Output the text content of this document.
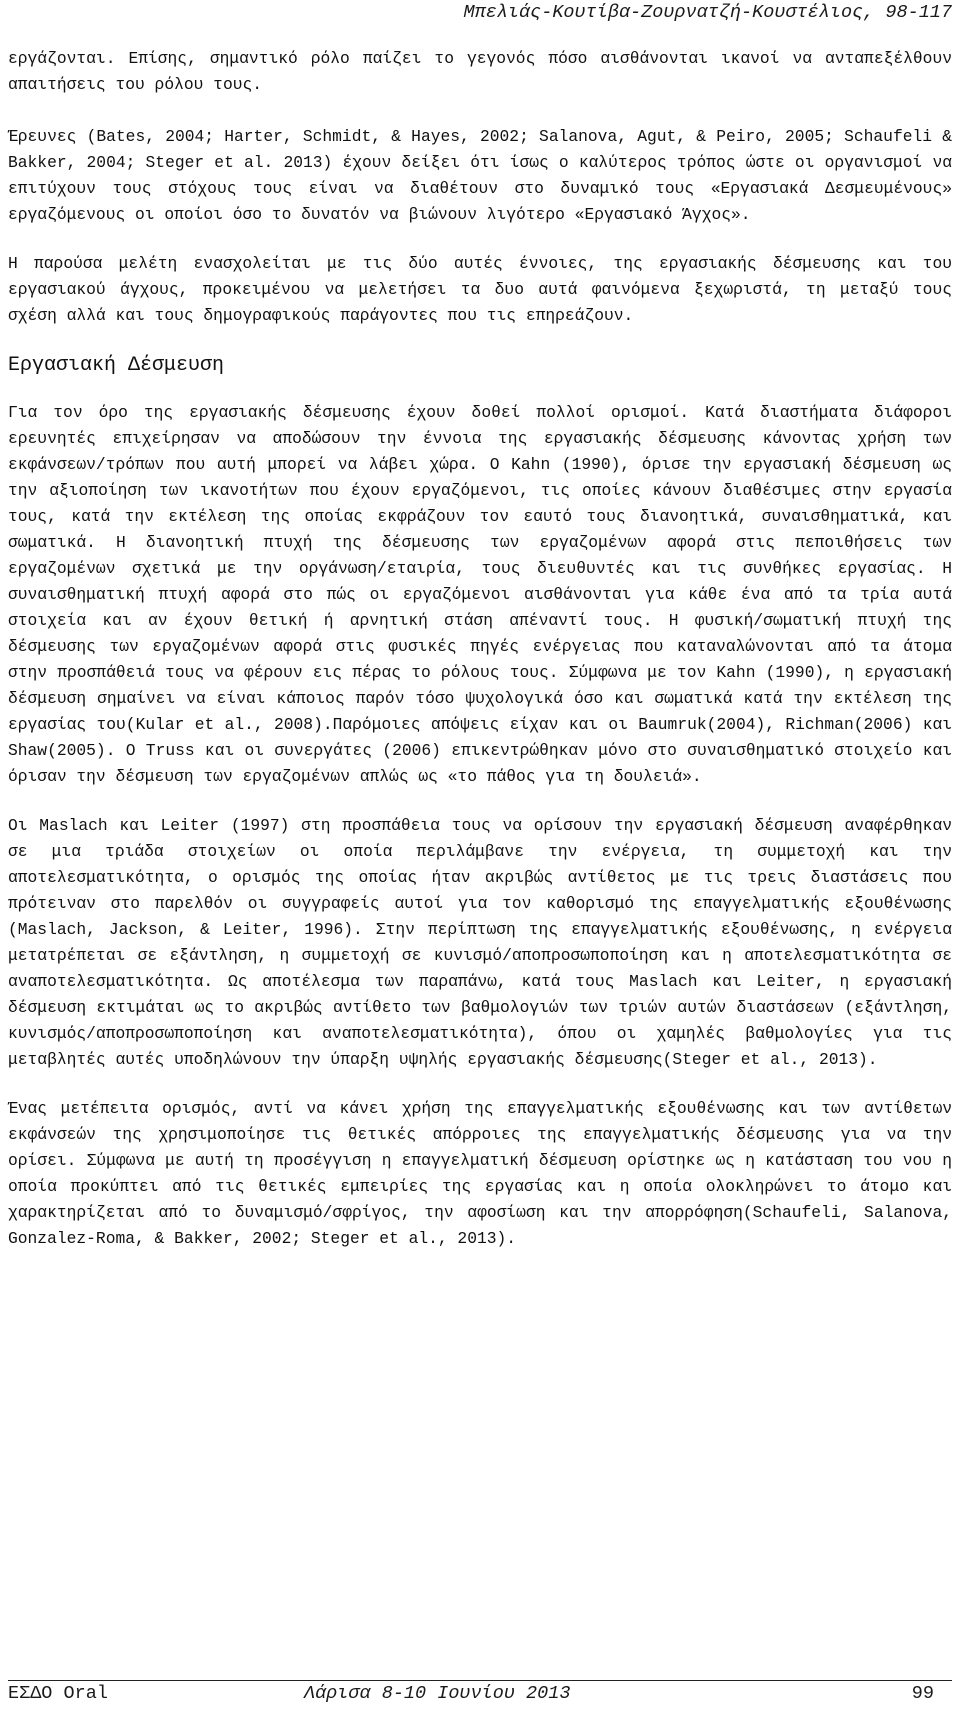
Μπελιάς-Κουτίβα-Ζουρνατζή-Κουστέλιος, 98-117

εργάζονται. Επίσης, σημαντικό ρόλο παίζει το γεγονός πόσο αισθάνονται ικανοί να ανταπεξέλθουν απαιτήσεις του ρόλου τους.

Έρευνες (Bates, 2004; Harter, Schmidt, & Hayes, 2002; Salanova, Agut, & Peiro, 2005; Schaufeli & Bakker, 2004; Steger et al. 2013) έχουν δείξει ότι ίσως ο καλύτερος τρόπος ώστε οι οργανισμοί να επιτύχουν τους στόχους τους είναι να διαθέτουν στο δυναμικό τους «Εργασιακά Δεσμευμένους» εργαζόμενους οι οποίοι όσο το δυνατόν να βιώνουν λιγότερο «Εργασιακό Άγχος».

Η παρούσα μελέτη ενασχολείται με τις δύο αυτές έννοιες, της εργασιακής δέσμευσης και του εργασιακού άγχους, προκειμένου να μελετήσει τα δυο αυτά φαινόμενα ξεχωριστά, τη μεταξύ τους σχέση αλλά και τους δημογραφικούς παράγοντες που τις επηρεάζουν.

Εργασιακή Δέσμευση

Για τον όρο της εργασιακής δέσμευσης έχουν δοθεί πολλοί ορισμοί. Κατά διαστήματα διάφοροι ερευνητές επιχείρησαν να αποδώσουν την έννοια της εργασιακής δέσμευσης κάνοντας χρήση των εκφάνσεων/τρόπων που αυτή μπορεί να λάβει χώρα. Ο Kahn (1990), όρισε την εργασιακή δέσμευση ως την αξιοποίηση των ικανοτήτων που έχουν εργαζόμενοι, τις οποίες κάνουν διαθέσιμες στην εργασία τους, κατά την εκτέλεση της οποίας εκφράζουν τον εαυτό τους διανοητικά, συναισθηματικά, και σωματικά. Η διανοητική πτυχή της δέσμευσης των εργαζομένων αφορά στις πεποιθήσεις των εργαζομένων σχετικά με την οργάνωση/εταιρία, τους διευθυντές και τις συνθήκες εργασίας. Η συναισθηματική πτυχή αφορά στο πώς οι εργαζόμενοι αισθάνονται για κάθε ένα από τα τρία αυτά στοιχεία και αν έχουν θετική ή αρνητική στάση απέναντί τους. Η φυσική/σωματική πτυχή της δέσμευσης των εργαζομένων αφορά στις φυσικές πηγές ενέργειας που καταναλώνονται από τα άτομα στην προσπάθειά τους να φέρουν εις πέρας το ρόλους τους. Σύμφωνα με τον Kahn (1990), η εργασιακή δέσμευση σημαίνει να είναι κάποιος παρόν τόσο ψυχολογικά όσο και σωματικά κατά την εκτέλεση της εργασίας του(Kular et al., 2008).Παρόμοιες απόψεις είχαν και οι Baumruk(2004), Richman(2006) και Shaw(2005). Ο Truss και οι συνεργάτες (2006) επικεντρώθηκαν μόνο στο συναισθηματικό στοιχείο και όρισαν την δέσμευση των εργαζομένων απλώς ως «το πάθος για τη δουλειά».

Οι Maslach και Leiter (1997) στη προσπάθεια τους να ορίσουν την εργασιακή δέσμευση αναφέρθηκαν σε μια τριάδα στοιχείων οι οποία περιλάμβανε την ενέργεια, τη συμμετοχή και την αποτελεσματικότητα, ο ορισμός της οποίας ήταν ακριβώς αντίθετος με τις τρεις διαστάσεις που πρότειναν στο παρελθόν οι συγγραφείς αυτοί για τον καθορισμό της επαγγελματικής εξουθένωσης (Maslach, Jackson, & Leiter, 1996). Στην περίπτωση της επαγγελματικής εξουθένωσης, η ενέργεια μετατρέπεται σε εξάντληση, η συμμετοχή σε κυνισμό/αποπροσωποποίηση και η αποτελεσματικότητα σε αναποτελεσματικότητα. Ως αποτέλεσμα των παραπάνω, κατά τους Maslach και Leiter, η εργασιακή δέσμευση εκτιμάται ως το ακριβώς αντίθετο των βαθμολογιών των τριών αυτών διαστάσεων (εξάντληση, κυνισμός/αποπροσωποποίηση και αναποτελεσματικότητα), όπου οι χαμηλές βαθμολογίες για τις μεταβλητές αυτές υποδηλώνουν την ύπαρξη υψηλής εργασιακής δέσμευσης(Steger et al., 2013).

Ένας μετέπειτα ορισμός, αντί να κάνει χρήση της επαγγελματικής εξουθένωσης και των αντίθετων εκφάνσεών της χρησιμοποίησε τις θετικές απόρροιες της επαγγελματικής δέσμευσης για να την ορίσει. Σύμφωνα με αυτή τη προσέγγιση η επαγγελματική δέσμευση ορίστηκε ως η κατάσταση του νου η οποία προκύπτει από τις θετικές εμπειρίες της εργασίας και η οποία ολοκληρώνει το άτομο και χαρακτηρίζεται από το δυναμισμό/σφρίγος, την αφοσίωση και την απορρόφηση(Schaufeli, Salanova, Gonzalez-Roma, & Bakker, 2002; Steger et al., 2013).

ΕΣΔΟ Oral	Λάρισα 8-10 Ιουνίου 2013	99
